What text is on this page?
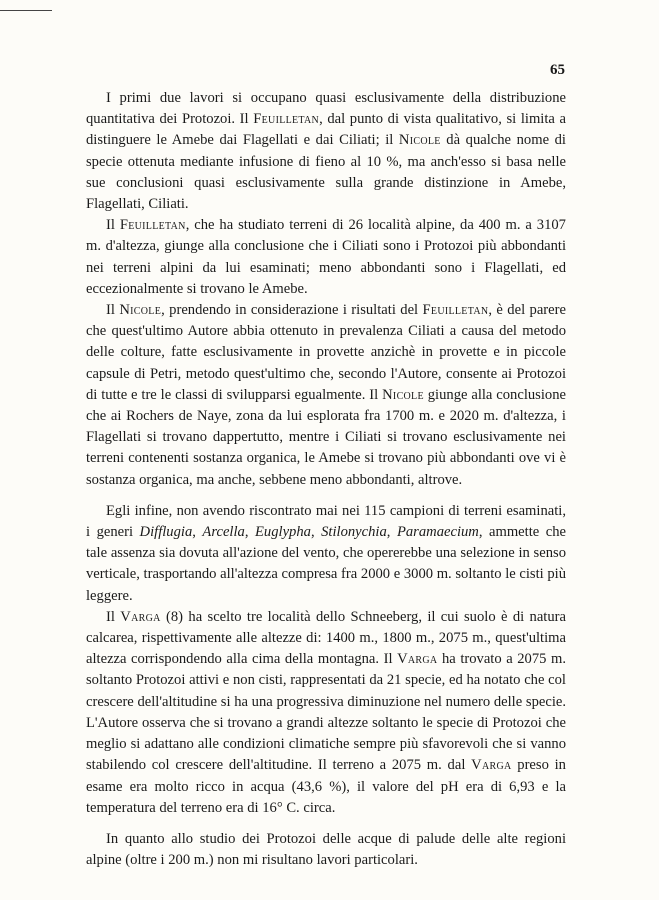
65

I primi due lavori si occupano quasi esclusivamente della distribuzione quantitativa dei Protozoi. Il Feuilletan, dal punto di vista qualitativo, si limita a distinguere le Amebe dai Flagellati e dai Ciliati; il Nicole dà qualche nome di specie ottenuta mediante infusione di fieno al 10 %, ma anch'esso si basa nelle sue conclusioni quasi esclusivamente sulla grande distinzione in Amebe, Flagellati, Ciliati.

Il Feuilletan, che ha studiato terreni di 26 località alpine, da 400 m. a 3107 m. d'altezza, giunge alla conclusione che i Ciliati sono i Protozoi più abbondanti nei terreni alpini da lui esaminati; meno abbondanti sono i Flagellati, ed eccezionalmente si trovano le Amebe.

Il Nicole, prendendo in considerazione i risultati del Feuilletan, è del parere che quest'ultimo Autore abbia ottenuto in prevalenza Ciliati a causa del metodo delle colture, fatte esclusivamente in provette anzichè in provette e in piccole capsule di Petri, metodo quest'ultimo che, secondo l'Autore, consente ai Protozoi di tutte e tre le classi di svilupparsi egualmente. Il Nicole giunge alla conclusione che ai Rochers de Naye, zona da lui esplorata fra 1700 m. e 2020 m. d'altezza, i Flagellati si trovano dappertutto, mentre i Ciliati si trovano esclusivamente nei terreni contenenti sostanza organica, le Amebe si trovano più abbondanti ove vi è sostanza organica, ma anche, sebbene meno abbondanti, altrove.

Egli infine, non avendo riscontrato mai nei 115 campioni di terreni esaminati, i generi Difflugia, Arcella, Euglypha, Stilonychia, Paramaecium, ammette che tale assenza sia dovuta all'azione del vento, che opererebbe una selezione in senso verticale, trasportando all'altezza compresa fra 2000 e 3000 m. soltanto le cisti più leggere.

Il Varga (8) ha scelto tre località dello Schneeberg, il cui suolo è di natura calcarea, rispettivamente alle altezze di: 1400 m., 1800 m., 2075 m., quest'ultima altezza corrispondendo alla cima della montagna. Il Varga ha trovato a 2075 m. soltanto Protozoi attivi e non cisti, rappresentati da 21 specie, ed ha notato che col crescere dell'altitudine si ha una progressiva diminuzione nel numero delle specie. L'Autore osserva che si trovano a grandi altezze soltanto le specie di Protozoi che meglio si adattano alle condizioni climatiche sempre più sfavorevoli che si vanno stabilendo col crescere dell'altitudine. Il terreno a 2075 m. dal Varga preso in esame era molto ricco in acqua (43,6 %), il valore del pH era di 6,93 e la temperatura del terreno era di 16° C. circa.

In quanto allo studio dei Protozoi delle acque di palude delle alte regioni alpine (oltre i 200 m.) non mi risultano lavori particolari.
